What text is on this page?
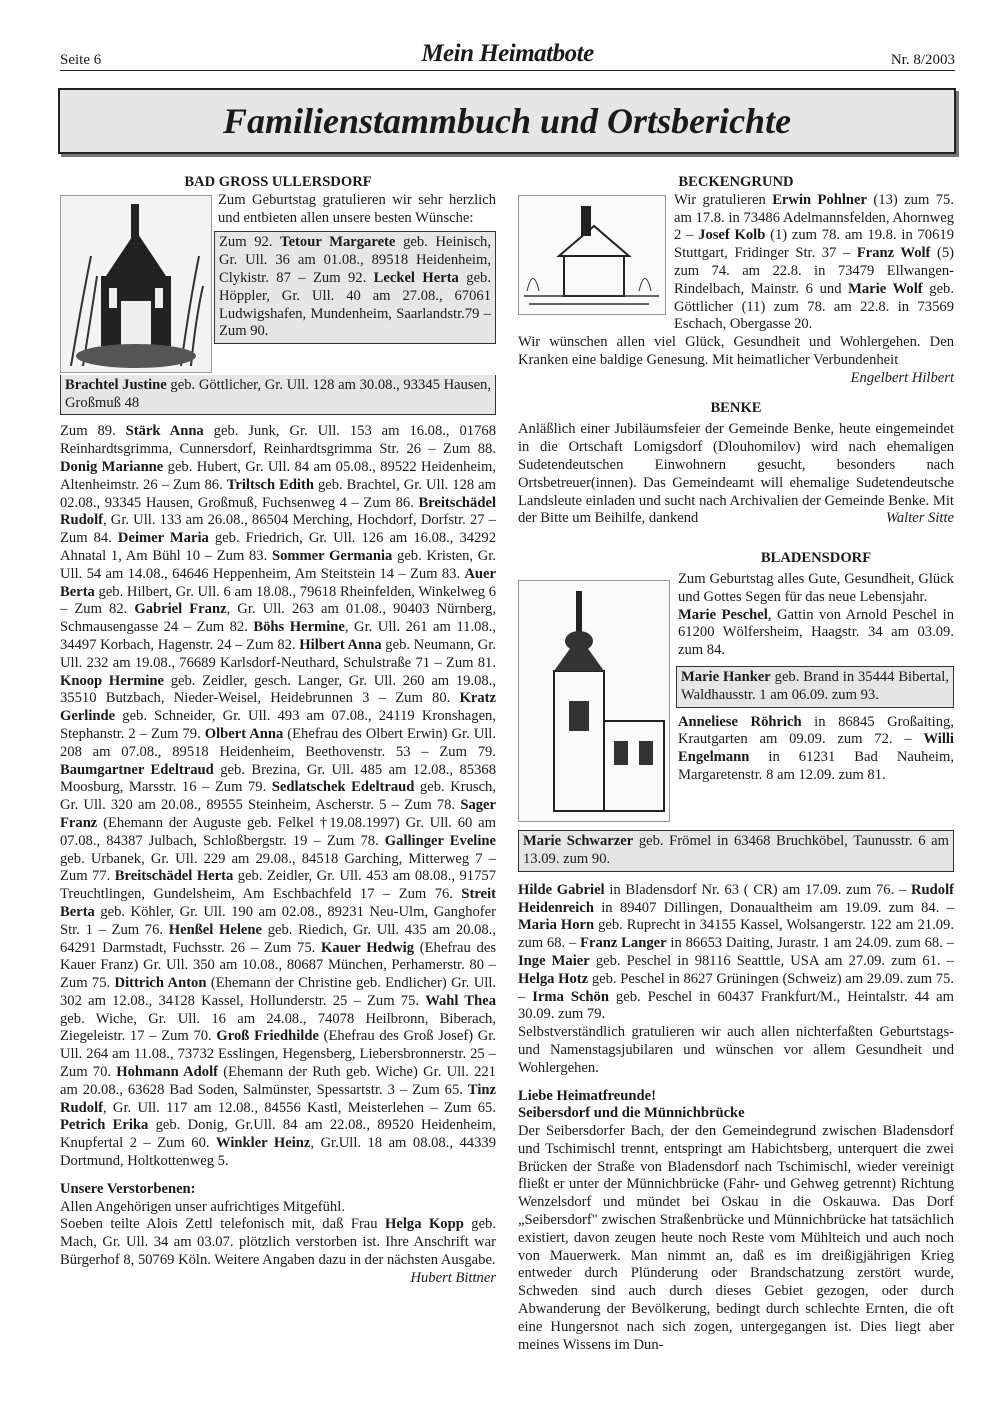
Seite 6	Mein Heimatbote	Nr. 8/2003
Familienstammbuch und Ortsberichte

BAD GROSS ULLERSDORF

Zum Geburtstag gratulieren wir sehr herzlich und entbieten allen unsere besten Wünsche:

Zum 92. Tetour Margarete geb. Heinisch, Gr. Ull. 36 am 01.08., 89518 Heidenheim, Clykistr. 87 – Zum 92. Leckel Herta geb. Höppler, Gr. Ull. 40 am 27.08., 67061 Ludwigshafen, Mundenheim, Saarlandstr.79 – Zum 90.
Brachtel Justine geb. Göttlicher, Gr. Ull. 128 am 30.08., 93345 Hausen, Großmuß 48

Zum 89. Stärk Anna geb. Junk, Gr. Ull. 153 am 16.08., 01768 Reinhardtsgrimma, Cunnersdorf, Reinhardtsgrimma Str. 26 – Zum 88. Donig Marianne geb. Hubert, Gr. Ull. 84 am 05.08., 89522 Heidenheim, Altenheimstr. 26 – Zum 86. Triltsch Edith geb. Brachtel, Gr. Ull. 128 am 02.08., 93345 Hausen, Großmuß, Fuchsenweg 4 – Zum 86. Breitschädel Rudolf, Gr. Ull. 133 am 26.08., 86504 Merching, Hochdorf, Dorfstr. 27 – Zum 84. Deimer Maria geb. Friedrich, Gr. Ull. 126 am 16.08., 34292 Ahnatal 1, Am Bühl 10 – Zum 83. Sommer Germania geb. Kristen, Gr. Ull. 54 am 14.08., 64646 Heppenheim, Am Steitstein 14 – Zum 83. Auer Berta geb. Hilbert, Gr. Ull. 6 am 18.08., 79618 Rheinfelden, Winkelweg 6 – Zum 82. Gabriel Franz, Gr. Ull. 263 am 01.08., 90403 Nürnberg, Schmausengasse 24 – Zum 82. Böhs Hermine, Gr. Ull. 261 am 11.08., 34497 Korbach, Hagenstr. 24 – Zum 82. Hilbert Anna geb. Neumann, Gr. Ull. 232 am 19.08., 76689 Karlsdorf-Neuthard, Schulstraße 71 – Zum 81. Knoop Hermine geb. Zeidler, gesch. Langer, Gr. Ull. 260 am 19.08., 35510 Butzbach, Nieder-Weisel, Heidebrunnen 3 – Zum 80. Kratz Gerlinde geb. Schneider, Gr. Ull. 493 am 07.08., 24119 Kronshagen, Stephanstr. 2 – Zum 79. Olbert Anna (Ehefrau des Olbert Erwin) Gr. Ull. 208 am 07.08., 89518 Heidenheim, Beethovenstr. 53 – Zum 79. Baumgartner Edeltraud geb. Brezina, Gr. Ull. 485 am 12.08., 85368 Moosburg, Marsstr. 16 – Zum 79. Sedlatschek Edeltraud geb. Krusch, Gr. Ull. 320 am 20.08., 89555 Steinheim, Ascherstr. 5 – Zum 78. Sager Franz (Ehemann der Auguste geb. Felkel †19.08.1997) Gr. Ull. 60 am 07.08., 84387 Julbach, Schloßbergstr. 19 – Zum 78. Gallinger Eveline geb. Urbanek, Gr. Ull. 229 am 29.08., 84518 Garching, Mitterweg 7 – Zum 77. Breitschädel Herta geb. Zeidler, Gr. Ull. 453 am 08.08., 91757 Treuchtlingen, Gundelsheim, Am Eschbachfeld 17 – Zum 76. Streit Berta geb. Köhler, Gr. Ull. 190 am 02.08., 89231 Neu-Ulm, Ganghofer Str. 1 – Zum 76. Henßel Helene geb. Riedich, Gr. Ull. 435 am 20.08., 64291 Darmstadt, Fuchsstr. 26 – Zum 75. Kauer Hedwig (Ehefrau des Kauer Franz) Gr. Ull. 350 am 10.08., 80687 München, Perhamerstr. 80 – Zum 75. Dittrich Anton (Ehemann der Christine geb. Endlicher) Gr. Ull. 302 am 12.08., 34128 Kassel, Hollunderstr. 25 – Zum 75. Wahl Thea geb. Wiche, Gr. Ull. 16 am 24.08., 74078 Heilbronn, Biberach, Ziegeleistr. 17 – Zum 70. Groß Friedhilde (Ehefrau des Groß Josef) Gr. Ull. 264 am 11.08., 73732 Esslingen, Hegensberg, Liebersbronnerstr. 25 – Zum 70. Hohmann Adolf (Ehemann der Ruth geb. Wiche) Gr. Ull. 221 am 20.08., 63628 Bad Soden, Salmünster, Spessartstr. 3 – Zum 65. Tinz Rudolf, Gr. Ull. 117 am 12.08., 84556 Kastl, Meisterlehen – Zum 65. Petrich Erika geb. Donig, Gr.Ull. 84 am 22.08., 89520 Heidenheim, Knupfertal 2 – Zum 60. Winkler Heinz, Gr.Ull. 18 am 08.08., 44339 Dortmund, Holtkottenweg 5.

Unsere Verstorbenen:

Allen Angehörigen unser aufrichtiges Mitgefühl.

Soeben teilte Alois Zettl telefonisch mit, daß Frau Helga Kopp geb. Mach, Gr. Ull. 34 am 03.07. plötzlich verstorben ist. Ihre Anschrift war Bürgerhof 8, 50769 Köln. Weitere Angaben dazu in der nächsten Ausgabe.
Hubert Bittner

BECKENGRUND

Wir gratulieren Erwin Pohlner (13) zum 75. am 17.8. in 73486 Adelmannsfelden, Ahornweg 2 – Josef Kolb (1) zum 78. am 19.8. in 70619 Stuttgart, Fridinger Str. 37 – Franz Wolf (5) zum 74. am 22.8. in 73479 Ellwangen-Rindelbach, Mainstr. 6 und Marie Wolf geb. Göttlicher (11) zum 78. am 22.8. in 73569 Eschach, Obergasse 20.

Wir wünschen allen viel Glück, Gesundheit und Wohlergehen. Den Kranken eine baldige Genesung. Mit heimatlicher Verbundenheit

Engelbert Hilbert

BENKE

Anläßlich einer Jubiläumsfeier der Gemeinde Benke, heute eingemeindet in die Ortschaft Lomigsdorf (Dlouhomilov) wird nach ehemaligen Sudetendeutschen Einwohnern gesucht, besonders nach Ortsbetreuer(innen). Das Gemeindeamt will ehemalige Sudetendeutsche Landsleute einladen und sucht nach Archivalien der Gemeinde Benke. Mit der Bitte um Beihilfe, dankend	Walter Sitte

BLADENSDORF

Zum Geburtstag alles Gute, Gesundheit, Glück und Gottes Segen für das neue Lebensjahr.

Marie Peschel, Gattin von Arnold Peschel in 61200 Wölfersheim, Haagstr. 34 am 03.09. zum 84.

Marie Hanker geb. Brand in 35444 Bibertal, Waldhausstr. 1 am 06.09. zum 93.

Anneliese Röhrich in 86845 Großaiting, Krautgarten am 09.09. zum 72. – Willi Engelmann in 61231 Bad Nauheim, Margaretenstr. 8 am 12.09. zum 81.

Marie Schwarzer geb. Frömel in 63468 Bruchköbel, Taunusstr. 6 am 13.09. zum 90.

Hilde Gabriel in Bladensdorf Nr. 63 ( CR) am 17.09. zum 76. – Rudolf Heidenreich in 89407 Dillingen, Donaualtheim am 19.09. zum 84. – Maria Horn geb. Ruprecht in 34155 Kassel, Wolsangerstr. 122 am 21.09. zum 68. – Franz Langer in 86653 Daiting, Jurastr. 1 am 24.09. zum 68. – Inge Maier geb. Peschel in 98116 Seatttle, USA am 27.09. zum 61. – Helga Hotz geb. Peschel in 8627 Grüningen (Schweiz) am 29.09. zum 75. – Irma Schön geb. Peschel in 60437 Frankfurt/M., Heintalstr. 44 am 30.09. zum 79.

Selbstverständlich gratulieren wir auch allen nichterfaßten Geburtstags- und Namenstagsjubilaren und wünschen vor allem Gesundheit und Wohlergehen.

Liebe Heimatfreunde!

Seibersdorf und die Münnichbrücke

Der Seibersdorfer Bach, der den Gemeindegrund zwischen Bladensdorf und Tschimischl trennt, entspringt am Habichtsberg, unterquert die zwei Brücken der Straße von Bladensdorf nach Tschimischl, wieder vereinigt fließt er unter der Münnichbrücke (Fahr- und Gehweg getrennt) Richtung Wenzelsdorf und mündet bei Oskau in die Oskauwa. Das Dorf „Seibersdorf" zwischen Straßenbrücke und Münnichbrücke hat tatsächlich existiert, davon zeugen heute noch Reste vom Mühlteich und auch noch von Mauerwerk. Man nimmt an, daß es im dreißigjährigen Krieg entweder durch Plünderung oder Brandschatzung zerstört wurde, Schweden sind auch durch dieses Gebiet gezogen, oder durch Abwanderung der Bevölkerung, bedingt durch schlechte Ernten, die oft eine Hungersnot nach sich zogen, untergegangen ist. Dies liegt aber meines Wissens im Dun-
